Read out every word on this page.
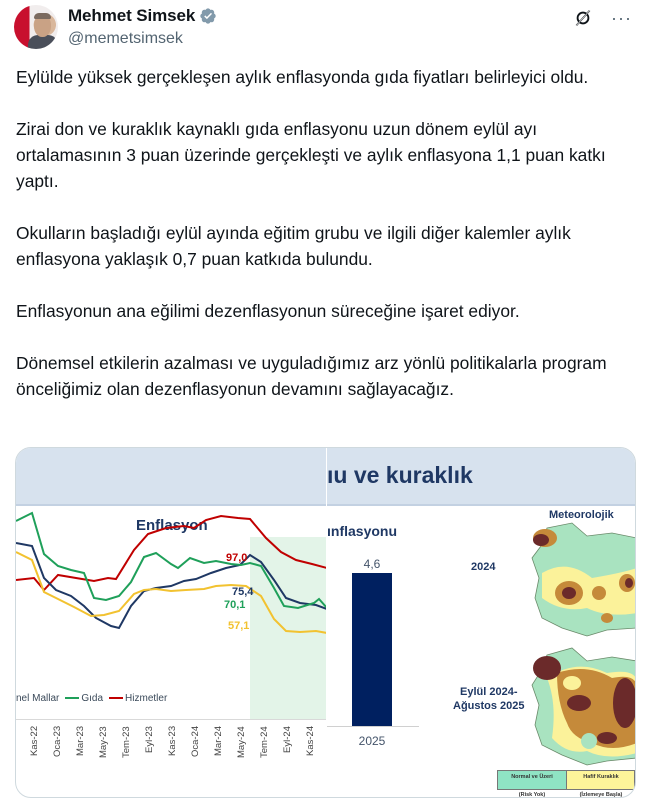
Mehmet Simsek
@memetsimsek
···

Eylülde yüksek gerçekleşen aylık enflasyonda gıda fiyatları belirleyici oldu.

Zirai don ve kuraklık kaynaklı gıda enflasyonu uzun dönem eylül ayı ortalamasının 3 puan üzerinde gerçekleşti ve aylık enflasyona 1,1 puan katkı yaptı.

Okulların başladığı eylül ayında eğitim grubu ve ilgili diğer kalemler aylık enflasyona yaklaşık 0,7 puan katkıda bulundu.

Enflasyonun ana eğilimi dezenflasyonun süreceğine işaret ediyor.

Dönemsel etkilerin azalması ve uyguladığımız arz yönlü politikalarla program önceliğimiz olan dezenflasyonun devamını sağlayacağız.

Enflasyon
97,0
75,4
70,1
57,1
nel Mallar	Gıda	Hizmetler
Kas-22 Oca-23 Mar-23 May-23 Tem-23 Eyl-23 Kas-23 Oca-24 Mar-24 May-24 Tem-24 Eyl-24 Kas-24
ıu ve kuraklık
ınflasyonu
4,6
2025
Meteorolojik
2024
Eylül 2024-
Ağustos 2025
Normal ve Üzeri
(Risk Yok)
Hafif Kuraklık
(İzlemeye Başla)
